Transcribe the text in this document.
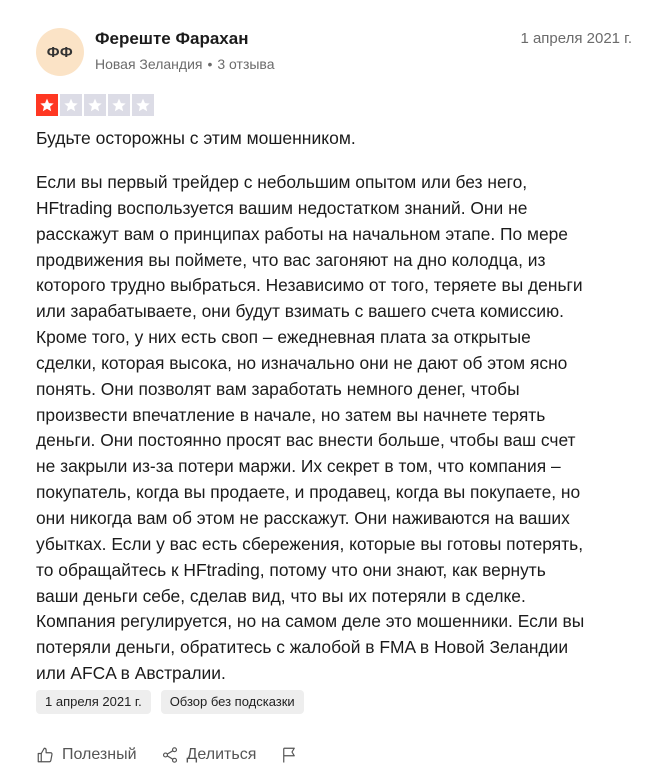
ФФ
Фереште Фарахан
Новая Зеландия • 3 отзыва
1 апреля 2021 г.
Будьте осторожны с этим мошенником.

Если вы первый трейдер с небольшим опытом или без него,
HFtrading воспользуется вашим недостатком знаний. Они не
расскажут вам о принципах работы на начальном этапе. По мере
продвижения вы поймете, что вас загоняют на дно колодца, из
которого трудно выбраться. Независимо от того, теряете вы деньги
или зарабатываете, они будут взимать с вашего счета комиссию.
Кроме того, у них есть своп – ежедневная плата за открытые
сделки, которая высока, но изначально они не дают об этом ясно
понять. Они позволят вам заработать немного денег, чтобы
произвести впечатление в начале, но затем вы начнете терять
деньги. Они постоянно просят вас внести больше, чтобы ваш счет
не закрыли из-за потери маржи. Их секрет в том, что компания –
покупатель, когда вы продаете, и продавец, когда вы покупаете, но
они никогда вам об этом не расскажут. Они наживаются на ваших
убытках. Если у вас есть сбережения, которые вы готовы потерять,
то обращайтесь к HFtrading, потому что они знают, как вернуть
ваши деньги себе, сделав вид, что вы их потеряли в сделке.
Компания регулируется, но на самом деле это мошенники. Если вы
потеряли деньги, обратитесь с жалобой в FMA в Новой Зеландии
или AFCA в Австралии.

1 апреля 2021 г.	Обзор без подсказки
Полезный	Делиться
